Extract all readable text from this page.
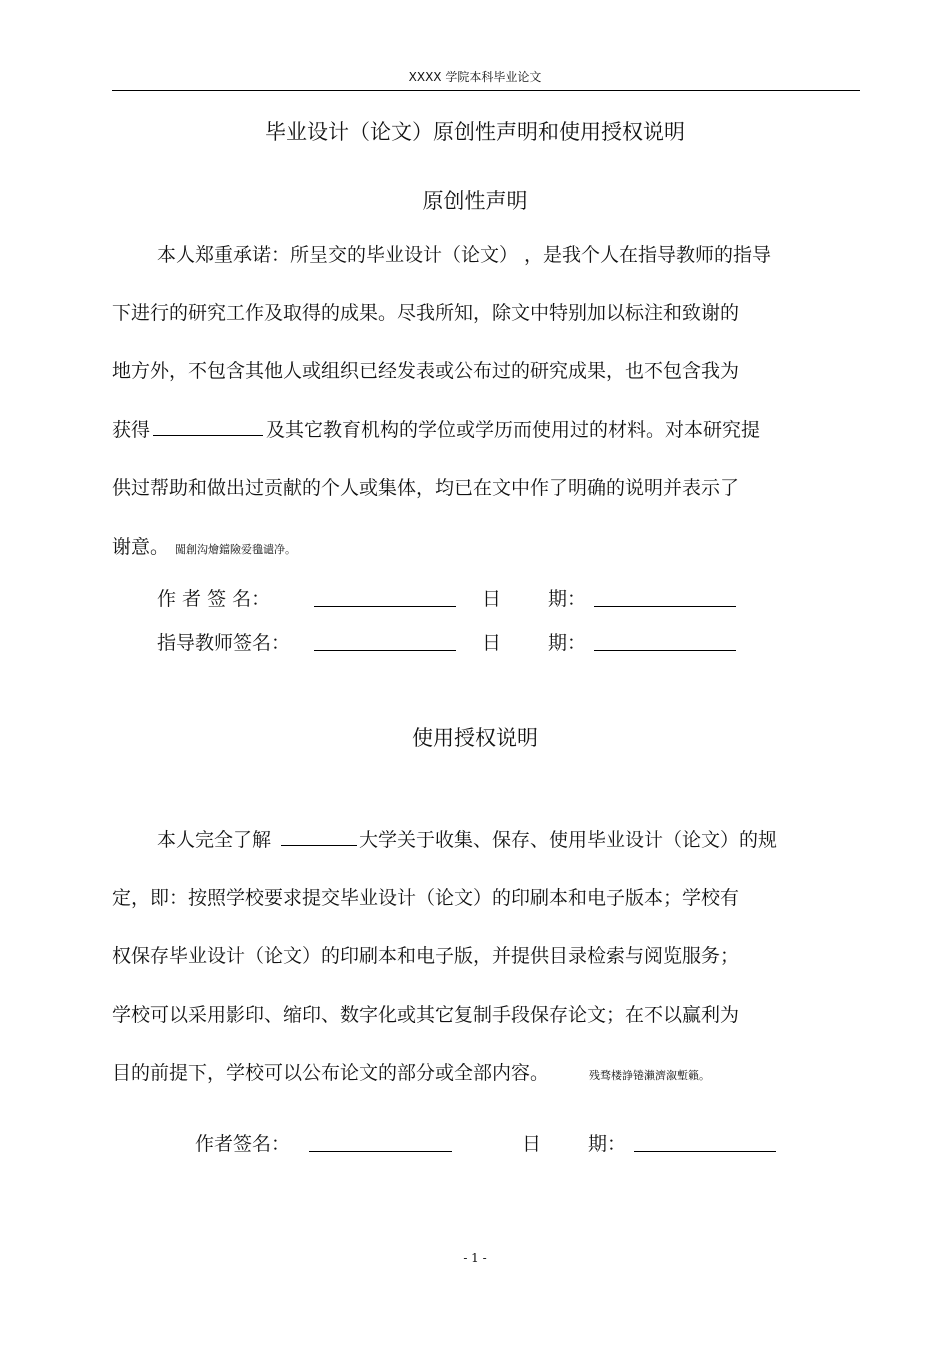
XXXX 学院本科毕业论文
毕业设计（论文）原创性声明和使用授权说明
原创性声明
本人郑重承诺：所呈交的毕业设计（论文） ，是我个人在指导教师的指导
下进行的研究工作及取得的成果。尽我所知，除文中特别加以标注和致谢的
地方外，不包含其他人或组织已经发表或公布过的研究成果，也不包含我为
获得	及其它教育机构的学位或学历而使用过的材料。对本研究提
供过帮助和做出过贡献的个人或集体，均已在文中作了明确的说明并表示了
谢意。 闖創沟燴鐺險爱氇谴净。
作 者 签 名：	日 期：
指导教师签名：	日 期：
使用授权说明
本人完全了解	大学关于收集、保存、使用毕业设计（论文）的规
定，即：按照学校要求提交毕业设计（论文）的印刷本和电子版本；学校有
权保存毕业设计（论文）的印刷本和电子版，并提供目录检索与阅览服务；
学校可以采用影印、缩印、数字化或其它复制手段保存论文；在不以赢利为
目的前提下，学校可以公布论文的部分或全部内容。	残骛楼諍锩瀨濟溆塹籟。
作者签名：	日 期：
- 1 -
